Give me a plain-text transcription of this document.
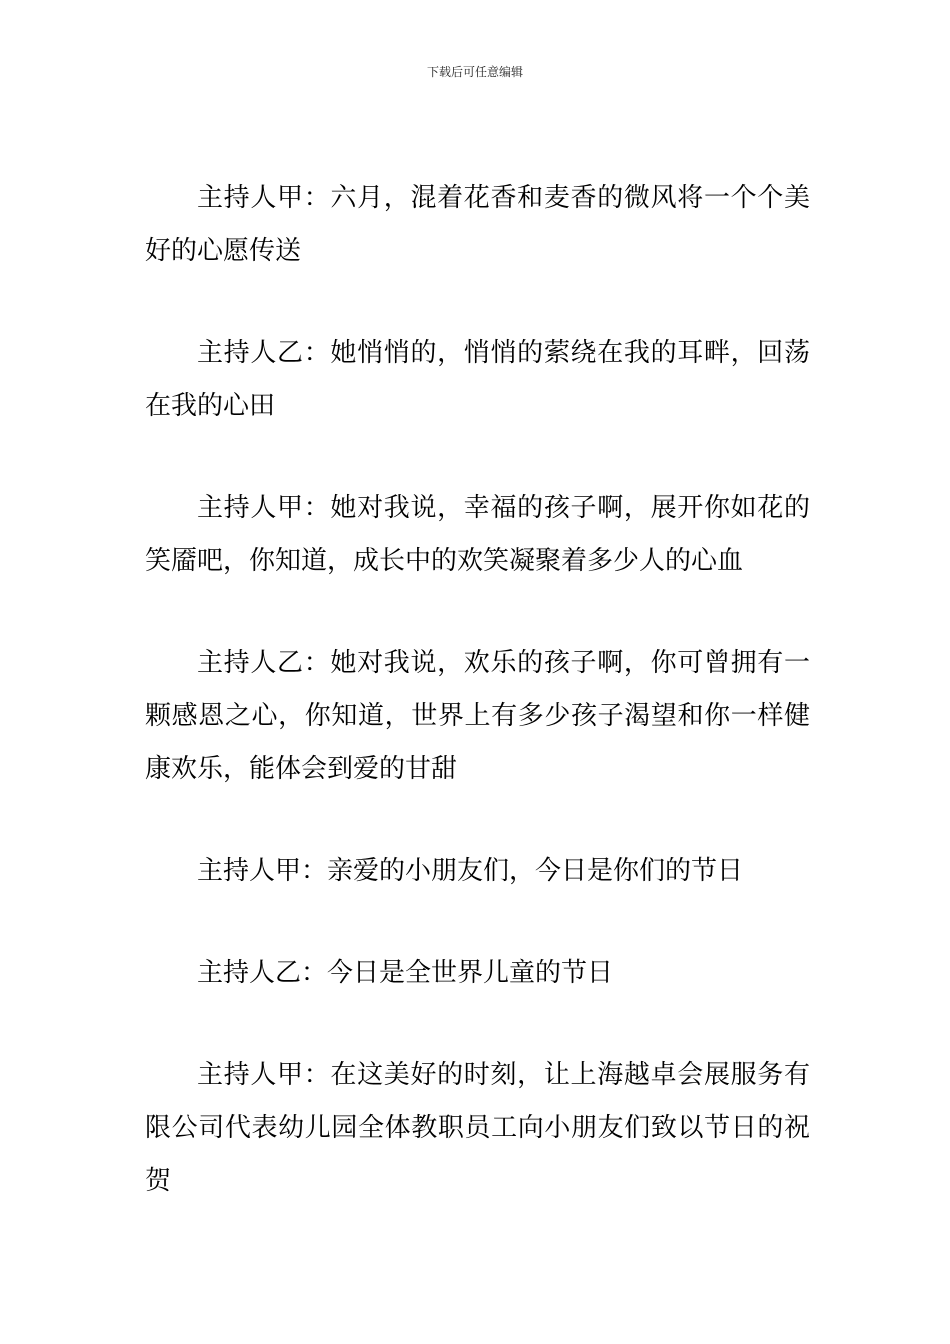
下载后可任意编辑

主持人甲：六月，混着花香和麦香的微风将一个个美好的心愿传送

主持人乙：她悄悄的，悄悄的萦绕在我的耳畔，回荡在我的心田

主持人甲：她对我说，幸福的孩子啊，展开你如花的笑靥吧，你知道，成长中的欢笑凝聚着多少人的心血

主持人乙：她对我说，欢乐的孩子啊，你可曾拥有一颗感恩之心，你知道，世界上有多少孩子渴望和你一样健康欢乐，能体会到爱的甘甜

主持人甲：亲爱的小朋友们，今日是你们的节日

主持人乙：今日是全世界儿童的节日

主持人甲：在这美好的时刻，让上海越卓会展服务有限公司代表幼儿园全体教职员工向小朋友们致以节日的祝贺
